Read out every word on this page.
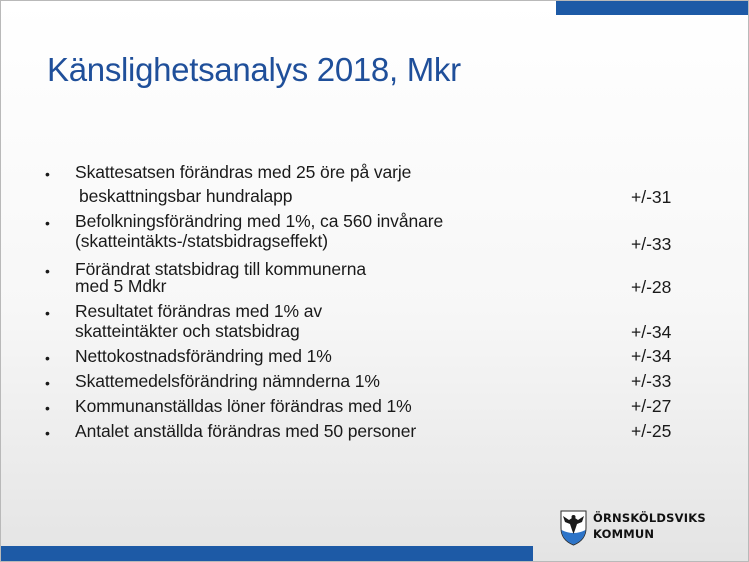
Känslighetsanalys 2018, Mkr
• Skattesatsen förändras med 25 öre på varje
beskattningsbar hundralapp	+/-31
• Befolkningsförändring med 1%, ca 560 invånare
(skatteintäkts-/statsbidragseffekt)	+/-33
• Förändrat statsbidrag till kommunerna
med 5 Mdkr	+/-28
• Resultatet förändras med 1% av
skatteintäkter och statsbidrag	+/-34
• Nettokostnadsförändring med 1%	+/-34
• Skattemedelsförändring nämnderna 1%	+/-33
• Kommunanställdas löner förändras med 1%	+/-27
• Antalet anställda förändras med 50 personer	+/-25
ÖRNSKÖLDSVIKS
KOMMUN
